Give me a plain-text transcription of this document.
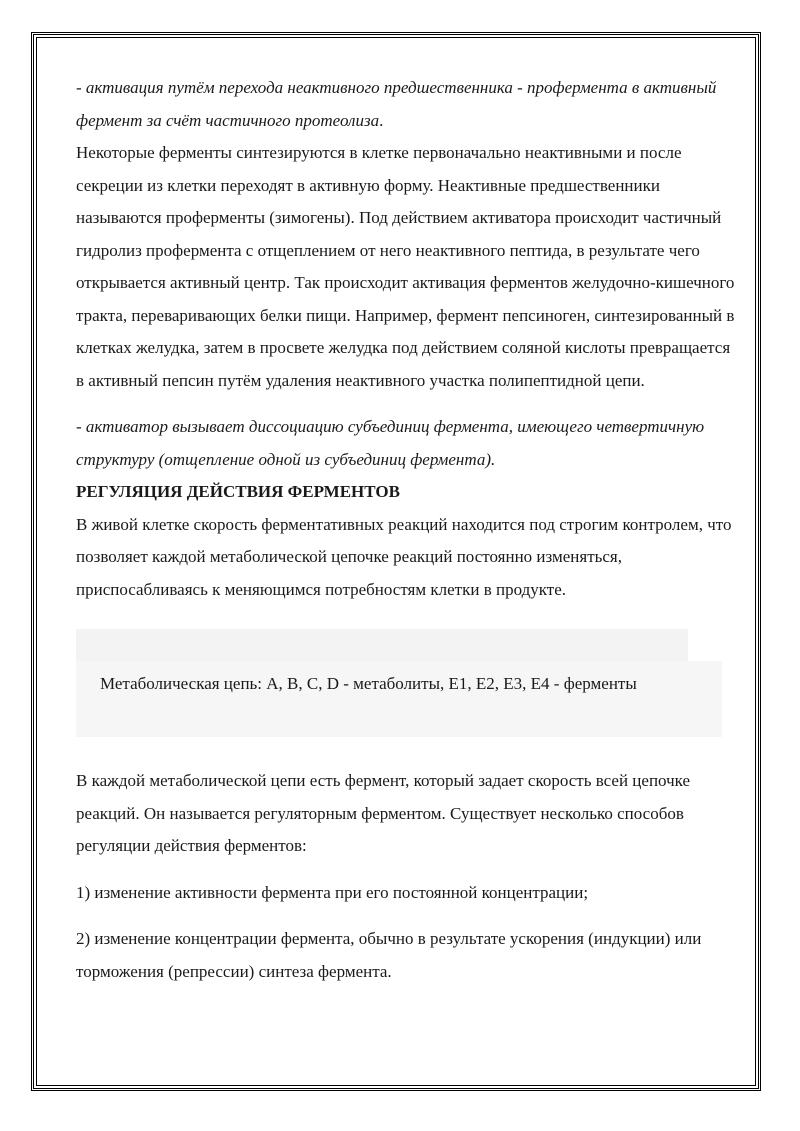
- активация путём перехода неактивного предшественника - профермента в активный фермент за счёт частичного протеолиза.

Некоторые ферменты синтезируются в клетке первоначально неактивными и после секреции из клетки переходят в активную форму. Неактивные предшественники называются проферменты (зимогены). Под действием активатора происходит частичный гидролиз профермента с отщеплением от него неактивного пептида, в результате чего открывается активный центр. Так происходит активация ферментов желудочно-кишечного тракта, переваривающих белки пищи. Например, фермент пепсиноген, синтезированный в клетках желудка, затем в просвете желудка под действием соляной кислоты превращается в активный пепсин путём удаления неактивного участка полипептидной цепи.

- активатор вызывает диссоциацию субъединиц фермента, имеющего четвертичную структуру (отщепление одной из субъединиц фермента).

РЕГУЛЯЦИЯ ДЕЙСТВИЯ ФЕРМЕНТОВ

В живой клетке скорость ферментативных реакций находится под строгим контролем, что позволяет каждой метаболической цепочке реакций постоянно изменяться, приспосабливаясь к меняющимся потребностям клетки в продукте.

Метаболическая цепь: A, B, C, D - метаболиты, E1, E2, E3, E4 - ферменты

В каждой метаболической цепи есть фермент, который задает скорость всей цепочке реакций. Он называется регуляторным ферментом. Существует несколько способов регуляции действия ферментов:

1) изменение активности фермента при его постоянной концентрации;

2) изменение концентрации фермента, обычно в результате ускорения (индукции) или торможения (репрессии) синтеза фермента.
